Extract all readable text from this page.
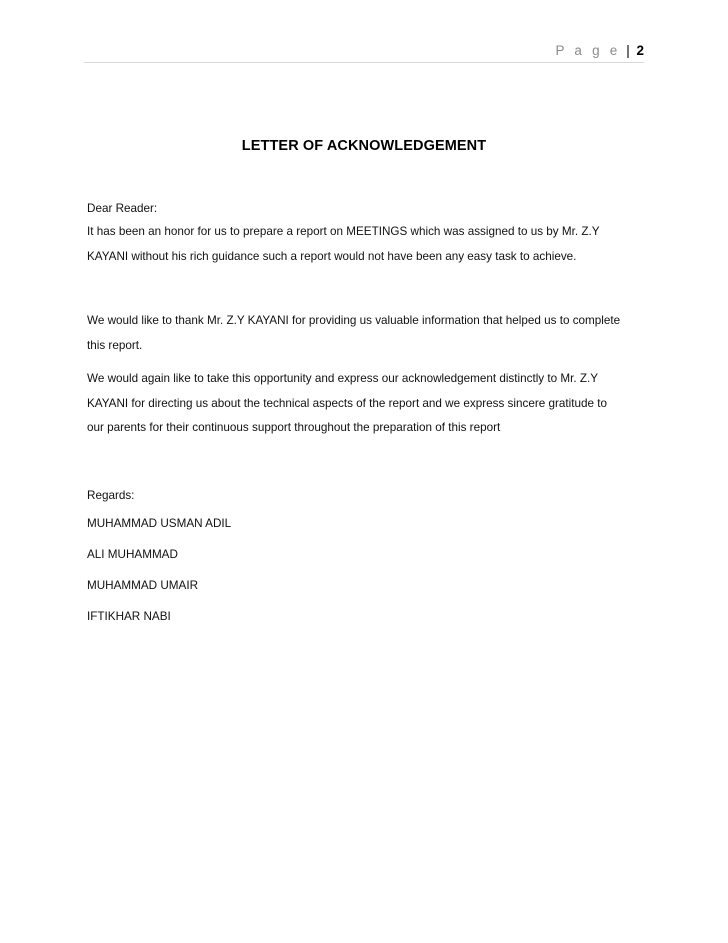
P a g e | 2
LETTER OF ACKNOWLEDGEMENT
Dear Reader:

It has been an honor for us to prepare a report on MEETINGS which was assigned to us by Mr. Z.Y
KAYANI without his rich guidance such a report would not have been any easy task to achieve.

We would like to thank Mr. Z.Y KAYANI for providing us valuable information that helped us to complete
this report.

We would again like to take this opportunity and express our acknowledgement distinctly to Mr. Z.Y
KAYANI for directing us about the technical aspects of the report and we express sincere gratitude to
our parents for their continuous support throughout the preparation of this report

Regards:
MUHAMMAD USMAN ADIL
ALI MUHAMMAD
MUHAMMAD UMAIR
IFTIKHAR NABI
